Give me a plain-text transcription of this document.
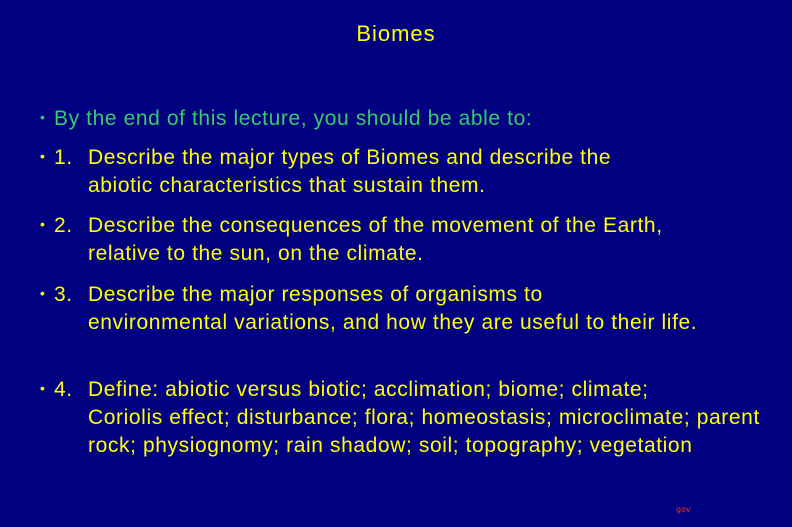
Biomes
• By the end of this lecture, you should be able to:
• 1. Describe the major types of Biomes and describe the
abiotic characteristics that sustain them.
• 2. Describe the consequences of the movement of the Earth,
relative to the sun, on the climate.
• 3. Describe the major responses of organisms to
environmental variations, and how they are useful to their life.
• 4. Define: abiotic versus biotic; acclimation; biome; climate;
Coriolis effect; disturbance; flora; homeostasis; microclimate; parent rock; physiognomy; rain shadow; soil; topography; vegetation
gov
